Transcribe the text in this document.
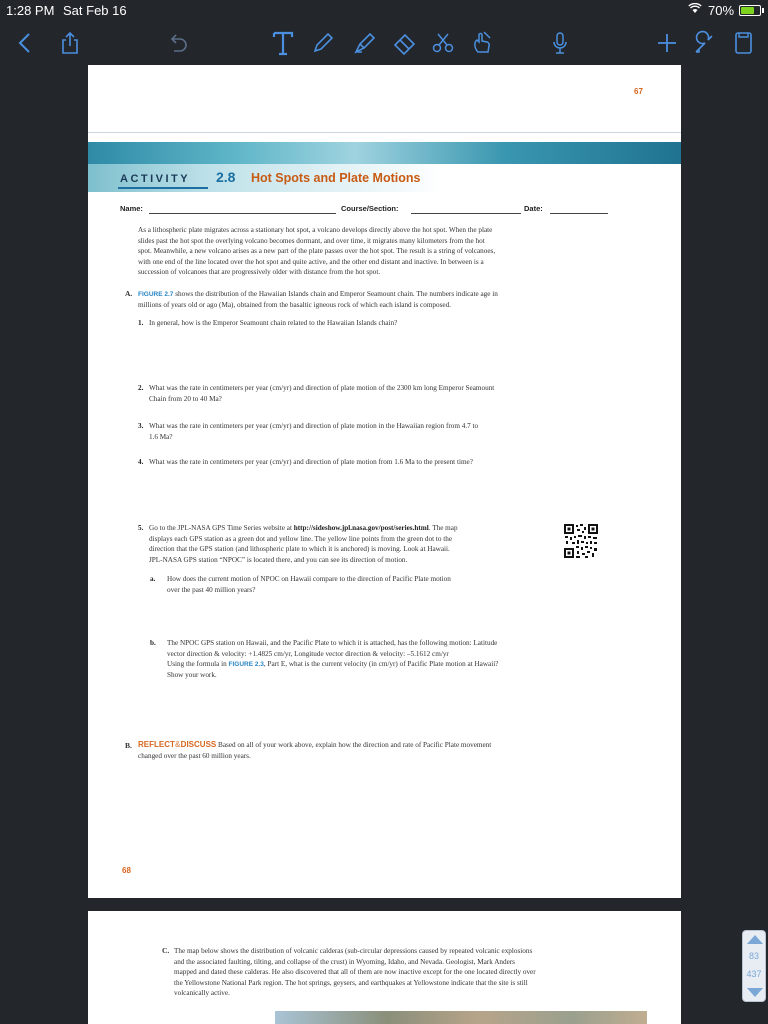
1:28 PM Sat Feb 16	70%
67
ACTIVITY 2.8 Hot Spots and Plate Motions
Name:	Course/Section:	Date:
As a lithospheric plate migrates across a stationary hot spot, a volcano develops directly above the hot spot. When the plate
slides past the hot spot the overlying volcano becomes dormant, and over time, it migrates many kilometers from the hot
spot. Meanwhile, a new volcano arises as a new part of the plate passes over the hot spot. The result is a string of volcanoes,
with one end of the line located over the hot spot and quite active, and the other end distant and inactive. In between is a
succession of volcanoes that are progressively older with distance from the hot spot.
A. FIGURE 2.7 shows the distribution of the Hawaiian Islands chain and Emperor Seamount chain. The numbers indicate age in
millions of years old or ago (Ma), obtained from the basaltic igneous rock of which each island is composed.
1. In general, how is the Emperor Seamount chain related to the Hawaiian Islands chain?
2. What was the rate in centimeters per year (cm/yr) and direction of plate motion of the 2300 km long Emperor Seamount
Chain from 20 to 40 Ma?
3. What was the rate in centimeters per year (cm/yr) and direction of plate motion in the Hawaiian region from 4.7 to
1.6 Ma?
4. What was the rate in centimeters per year (cm/yr) and direction of plate motion from 1.6 Ma to the present time?
5. Go to the JPL-NASA GPS Time Series website at http://sideshow.jpl.nasa.gov/post/series.html. The map
displays each GPS station as a green dot and yellow line. The yellow line points from the green dot to the
direction that the GPS station (and lithospheric plate to which it is anchored) is moving. Look at Hawaii.
JPL-NASA GPS station “NPOC” is located there, and you can see its direction of motion.
a. How does the current motion of NPOC on Hawaii compare to the direction of Pacific Plate motion
over the past 40 million years?
b. The NPOC GPS station on Hawaii, and the Pacific Plate to which it is attached, has the following motion: Latitude
vector direction & velocity: +1.4825 cm/yr, Longitude vector direction & velocity: –5.1612 cm/yr
Using the formula in FIGURE 2.3, Part E, what is the current velocity (in cm/yr) of Pacific Plate motion at Hawaii?
Show your work.
B. REFLECT&DISCUSS Based on all of your work above, explain how the direction and rate of Pacific Plate movement
changed over the past 60 million years.
68
C. The map below shows the distribution of volcanic calderas (sub-circular depressions caused by repeated volcanic explosions
and the associated faulting, tilting, and collapse of the crust) in Wyoming, Idaho, and Nevada. Geologist, Mark Anders
mapped and dated these calderas. He also discovered that all of them are now inactive except for the one located directly over
the Yellowstone National Park region. The hot springs, geysers, and earthquakes at Yellowstone indicate that the site is still
volcanically active.
83
437
